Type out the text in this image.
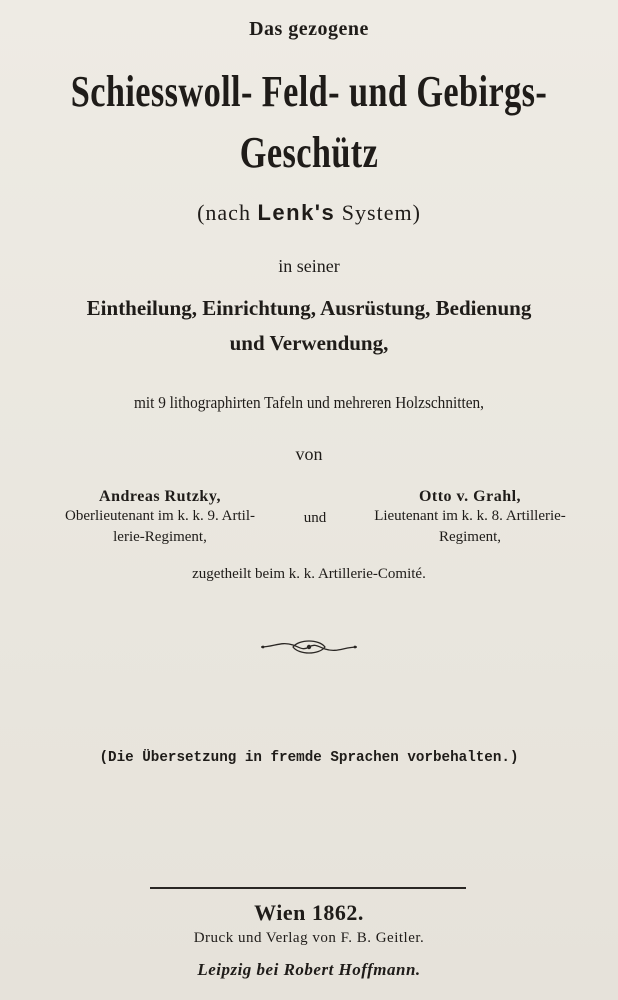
Das gezogene
Schiesswoll- Feld- und Gebirgs-
Geschütz
(nach Lenk's System)
in seiner
Eintheilung, Einrichtung, Ausrüstung, Bedienung
und Verwendung,
mit 9 lithographirten Tafeln und mehreren Holzschnitten,
von
Andreas Rutzky,
Oberlieutenant im k. k. 9. Artil-
lerie-Regiment,
und
Otto v. Grahl,
Lieutenant im k. k. 8. Artillerie-
Regiment,
zugetheilt beim k. k. Artillerie-Comité.
(Die Übersetzung in fremde Sprachen vorbehalten.)
Wien 1862.
Druck und Verlag von F. B. Geitler.
Leipzig bei Robert Hoffmann.
